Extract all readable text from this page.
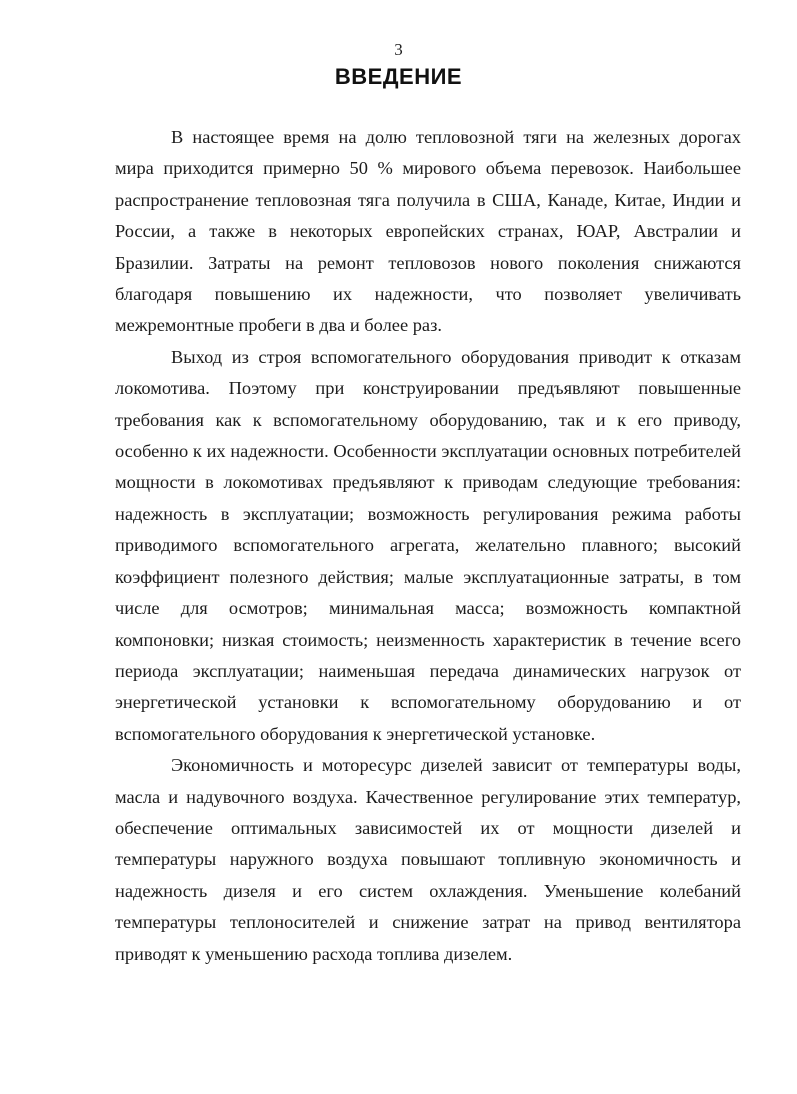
3
ВВЕДЕНИЕ

В настоящее время на долю тепловозной тяги на железных дорогах мира приходится примерно 50 % мирового объема перевозок. Наибольшее распространение тепловозная тяга получила в США, Канаде, Китае, Индии и России, а также в некоторых европейских странах, ЮАР, Австралии и Бразилии. Затраты на ремонт тепловозов нового поколения снижаются благодаря повышению их надежности, что позволяет увеличивать межремонтные пробеги в два и более раз.

Выход из строя вспомогательного оборудования приводит к отказам локомотива. Поэтому при конструировании предъявляют повышенные требования как к вспомогательному оборудованию, так и к его приводу, особенно к их надежности. Особенности эксплуатации основных потребителей мощности в локомотивах предъявляют к приводам следующие требования: надежность в эксплуатации; возможность регулирования режима работы приводимого вспомогательного агрегата, желательно плавного; высокий коэффициент полезного действия; малые эксплуатационные затраты, в том числе для осмотров; минимальная масса; возможность компактной компоновки; низкая стоимость; неизменность характеристик в течение всего периода эксплуатации; наименьшая передача динамических нагрузок от энергетической установки к вспомогательному оборудованию и от вспомогательного оборудования к энергетической установке.

Экономичность и моторесурс дизелей зависит от температуры воды, масла и надувочного воздуха. Качественное регулирование этих температур, обеспечение оптимальных зависимостей их от мощности дизелей и температуры наружного воздуха повышают топливную экономичность и надежность дизеля и его систем охлаждения. Уменьшение колебаний температуры теплоносителей и снижение затрат на привод вентилятора приводят к уменьшению расхода топлива дизелем.
